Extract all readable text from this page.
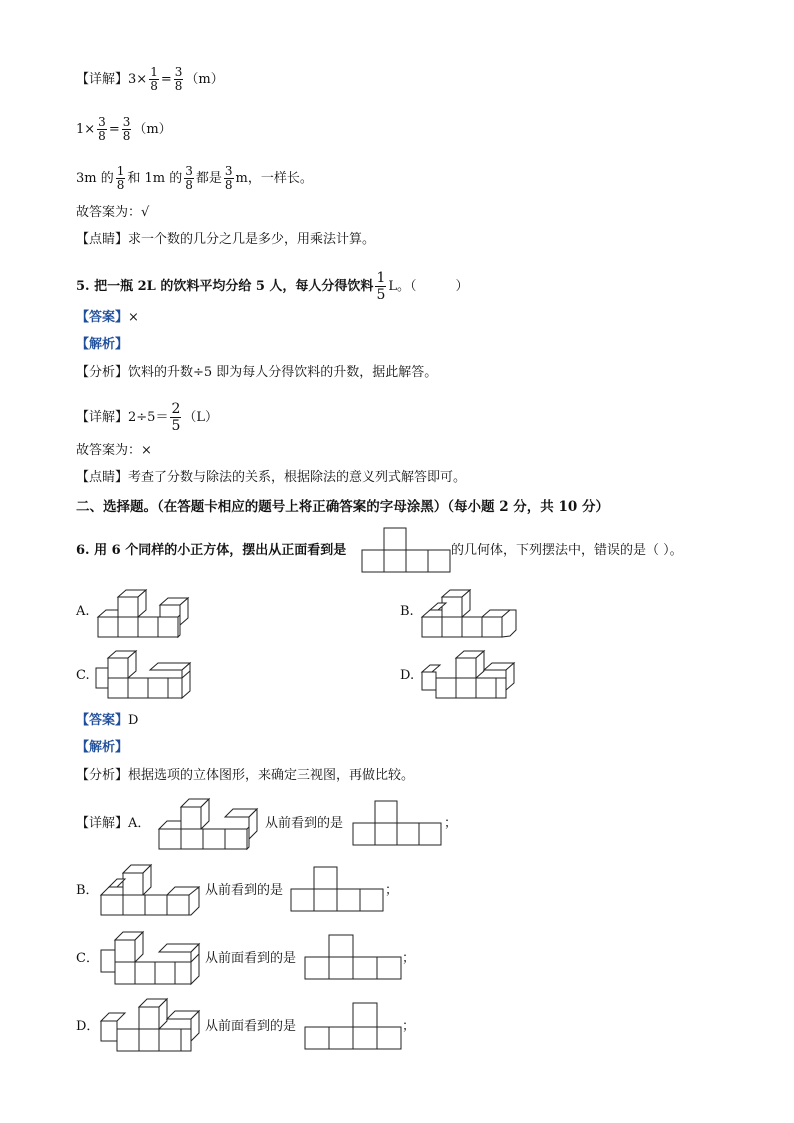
【详解】$3\times \frac{1}{8} = \frac{3}{8} (m)$
$1\times \frac{3}{8} = \frac{3}{8} (m)$
3m 的 $\frac{1}{8}$ 和 1m 的 $\frac{3}{8}$ 都是 $\frac{3}{8}$ m，一样长。
故答案为：√
【点睛】求一个数的几分之几是多少，用乘法计算。
5. 把一瓶 2L 的饮料平均分给 5 人，每人分得饮料 $\frac{1}{5}$ L。（　　　）
【答案】×
【解析】
【分析】饮料的升数÷5 即为每人分得饮料的升数，据此解答。
【详解】$2\div 5= \frac{2}{5} (L)$
故答案为：×
【点睛】考查了分数与除法的关系，根据除法的意义列式解答即可。
二、选择题。（在答题卡相应的题号上将正确答案的字母涂黑）（每小题 2 分，共 10 分）
6. 用 6 个同样的小正方体，摆出从正面看到是	的几何体，下列摆法中，错误的是（ ）。
A.	B.
C.	D.
【答案】D
【解析】
【分析】根据选项的立体图形，来确定三视图，再做比较。
【详解】A．	从前看到的是	；
B．	从前看到的是	；
C．	从前面看到的是	；
D．	从前面看到的是	；
